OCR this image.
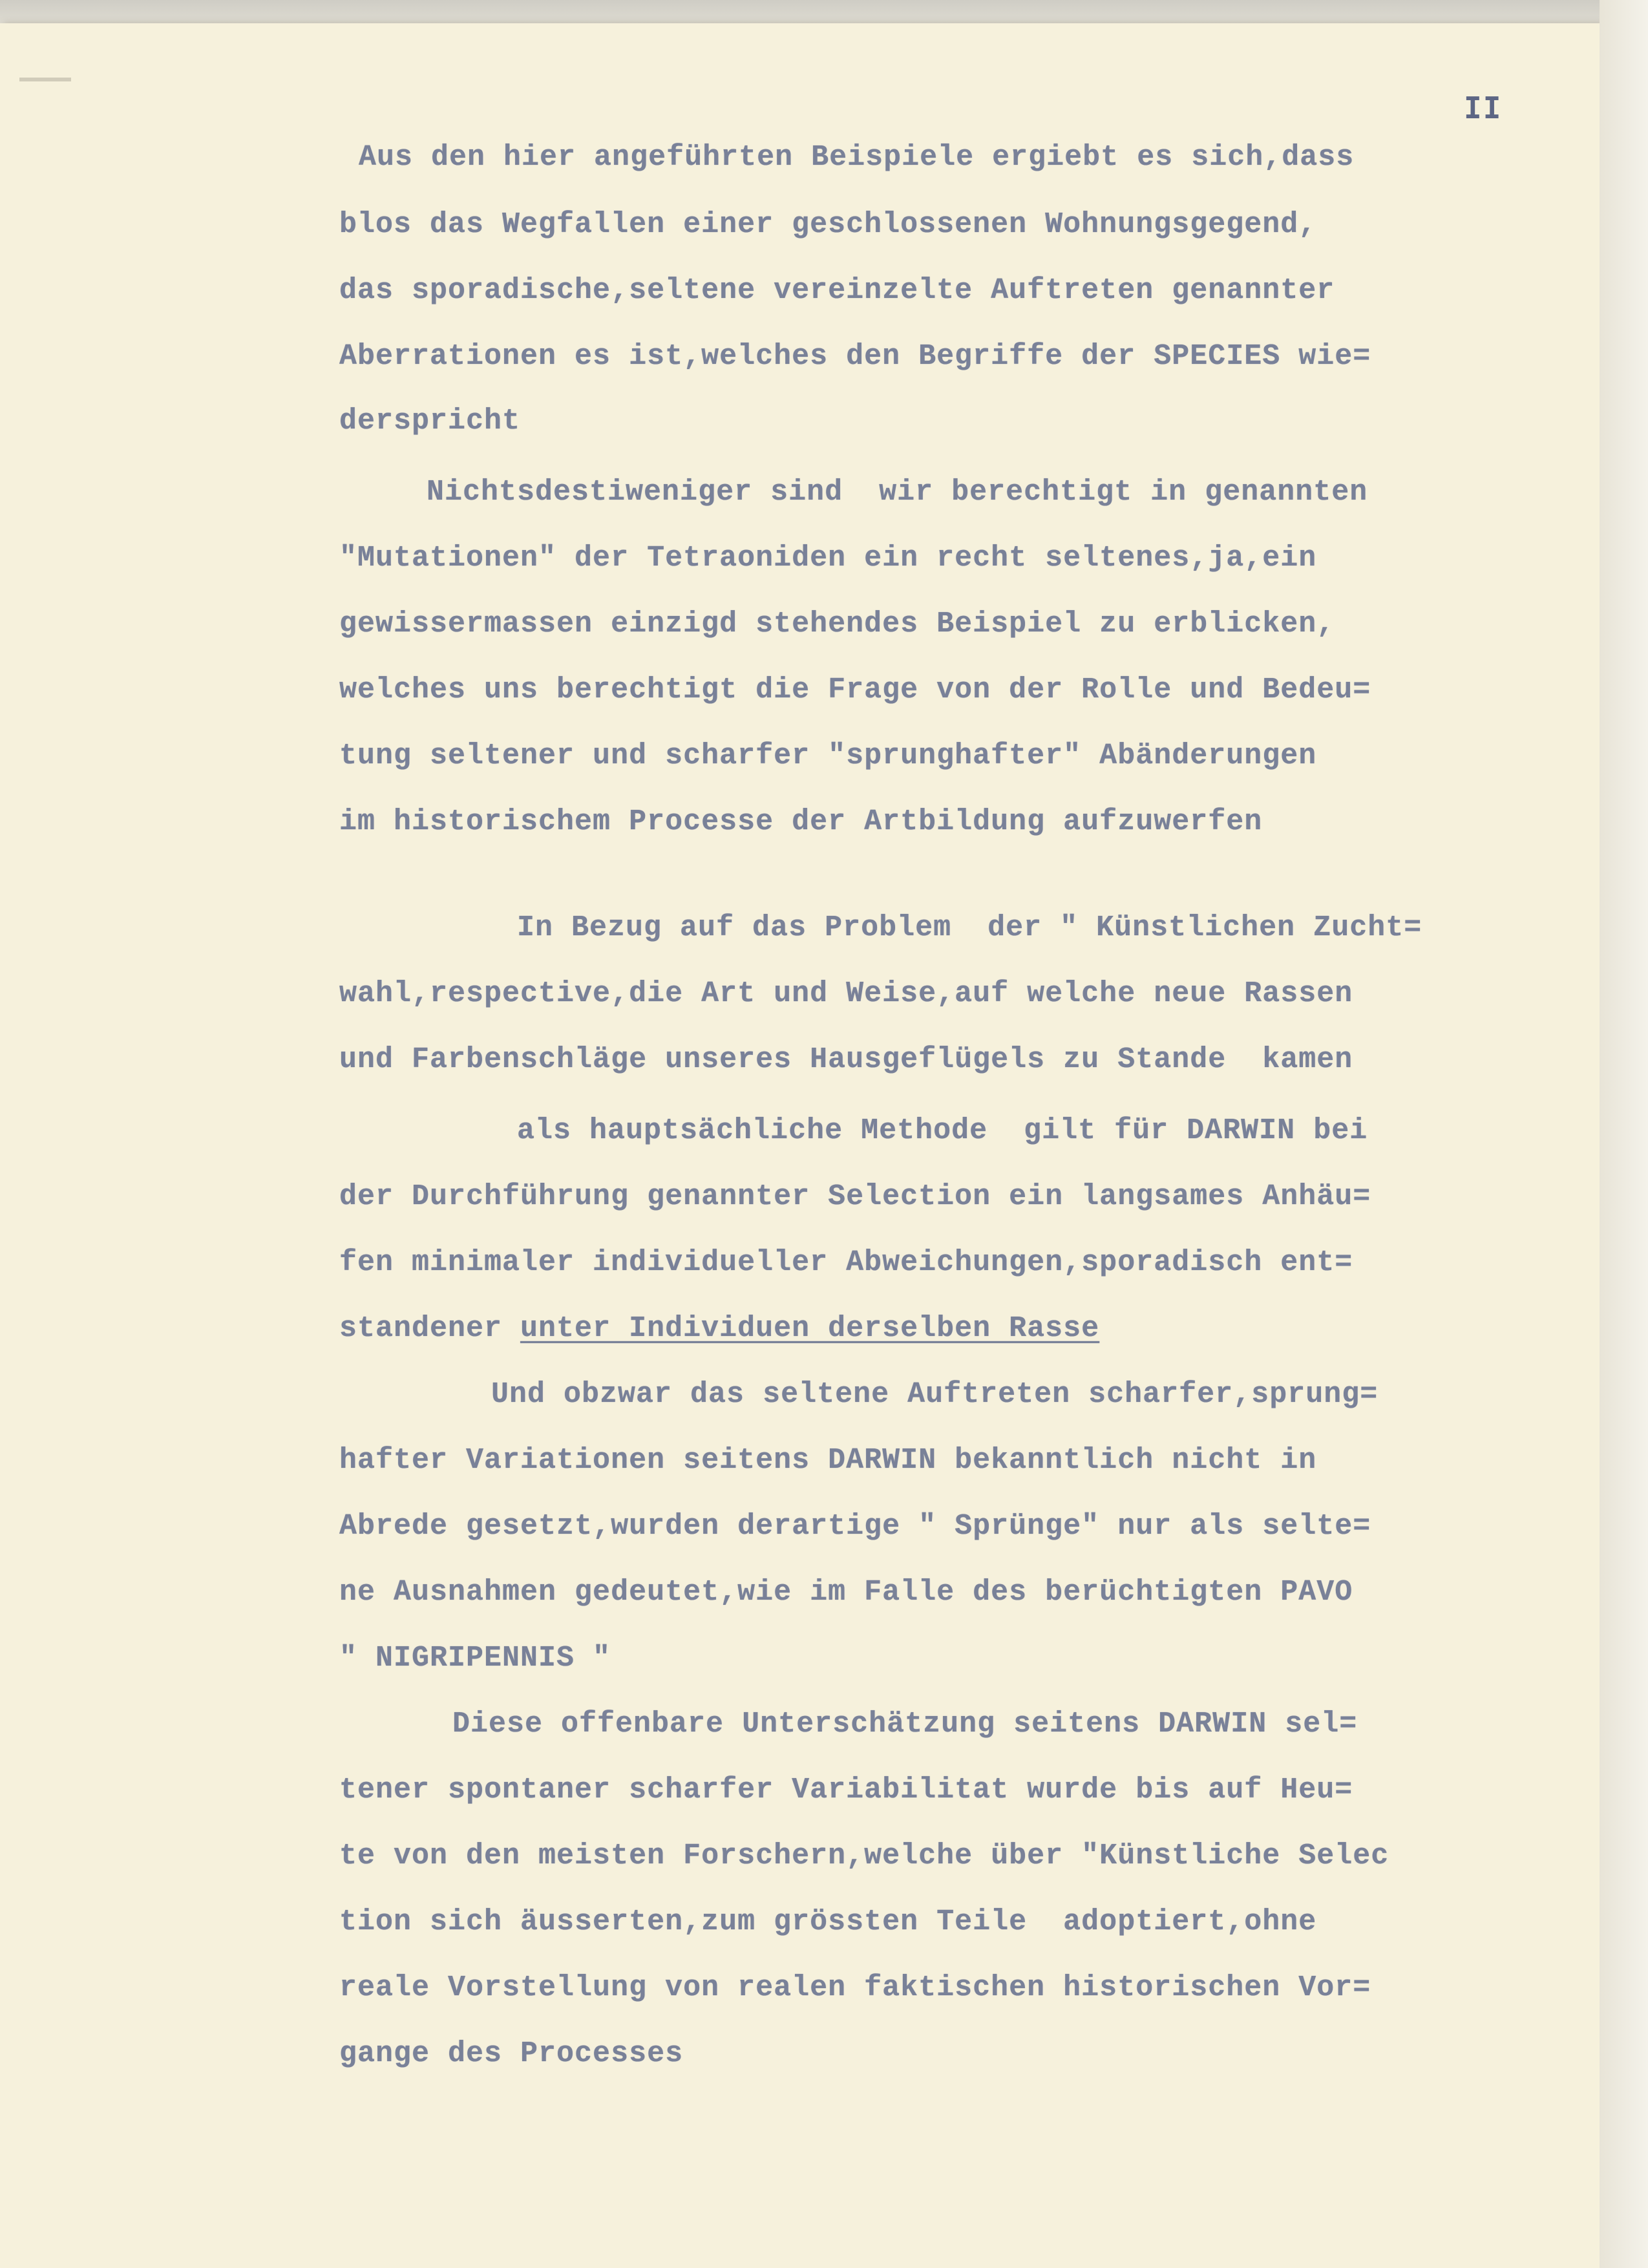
II
Aus den hier angeführten Beispiele ergiebt es sich,dass
blos das Wegfallen einer geschlossenen Wohnungsgegend,
das sporadische,seltene vereinzelte Auftreten genannter
Aberrationen es ist,welches den Begriffe der SPECIES wie=
derspricht
Nichtsdestiweniger sind  wir berechtigt in genannten
"Mutationen" der Tetraoniden ein recht seltenes,ja,ein
gewissermassen einzigd stehendes Beispiel zu erblicken,
welches uns berechtigt die Frage von der Rolle und Bedeu=
tung seltener und scharfer "sprunghafter" Abänderungen
im historischem Processe der Artbildung aufzuwerfen
In Bezug auf das Problem  der " Künstlichen Zucht=
wahl,respective,die Art und Weise,auf welche neue Rassen
und Farbenschläge unseres Hausgeflügels zu Stande  kamen
als hauptsächliche Methode  gilt für DARWIN bei
der Durchführung genannter Selection ein langsames Anhäu=
fen minimaler individueller Abweichungen,sporadisch ent=
standener unter Individuen derselben Rasse
Und obzwar das seltene Auftreten scharfer,sprung=
hafter Variationen seitens DARWIN bekanntlich nicht in
Abrede gesetzt,wurden derartige " Sprünge" nur als selte=
ne Ausnahmen gedeutet,wie im Falle des berüchtigten PAVO
" NIGRIPENNIS "
Diese offenbare Unterschätzung seitens DARWIN sel=
tener spontaner scharfer Variabilitat wurde bis auf Heu=
te von den meisten Forschern,welche über "Künstliche Selec
tion sich äusserten,zum grössten Teile  adoptiert,ohne
reale Vorstellung von realen faktischen historischen Vor=
gange des Processes
